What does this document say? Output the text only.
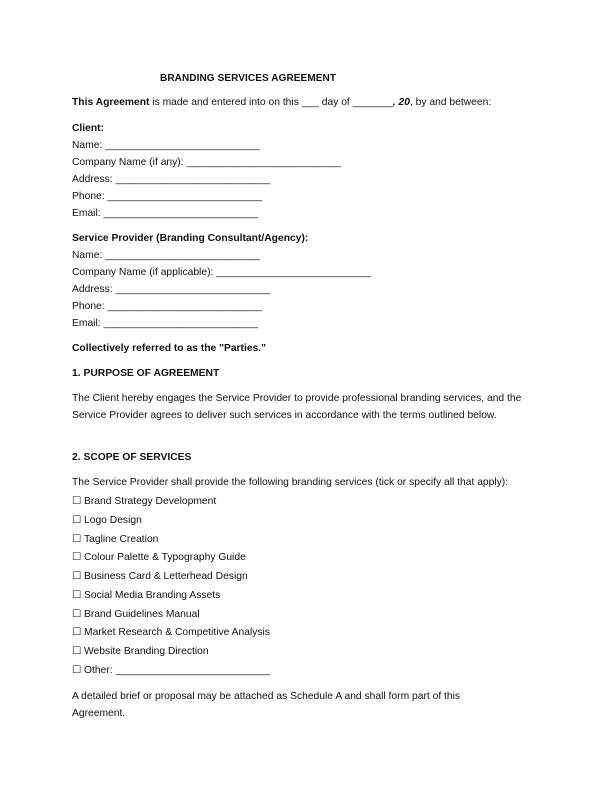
BRANDING SERVICES AGREEMENT
This Agreement is made and entered into on this ___ day of _______, 20, by and between:
Client:
Name: ___________________________
Company Name (if any): ___________________________
Address: ___________________________
Phone: ___________________________
Email: ___________________________
Service Provider (Branding Consultant/Agency):
Name: ___________________________
Company Name (if applicable): ___________________________
Address: ___________________________
Phone: ___________________________
Email: ___________________________
Collectively referred to as the "Parties."
1. PURPOSE OF AGREEMENT
The Client hereby engages the Service Provider to provide professional branding services, and the Service Provider agrees to deliver such services in accordance with the terms outlined below.
2. SCOPE OF SERVICES
The Service Provider shall provide the following branding services (tick or specify all that apply):
☐ Brand Strategy Development
☐ Logo Design
☐ Tagline Creation
☐ Colour Palette & Typography Guide
☐ Business Card & Letterhead Design
☐ Social Media Branding Assets
☐ Brand Guidelines Manual
☐ Market Research & Competitive Analysis
☐ Website Branding Direction
☐ Other: ___________________________
A detailed brief or proposal may be attached as Schedule A and shall form part of this Agreement.
